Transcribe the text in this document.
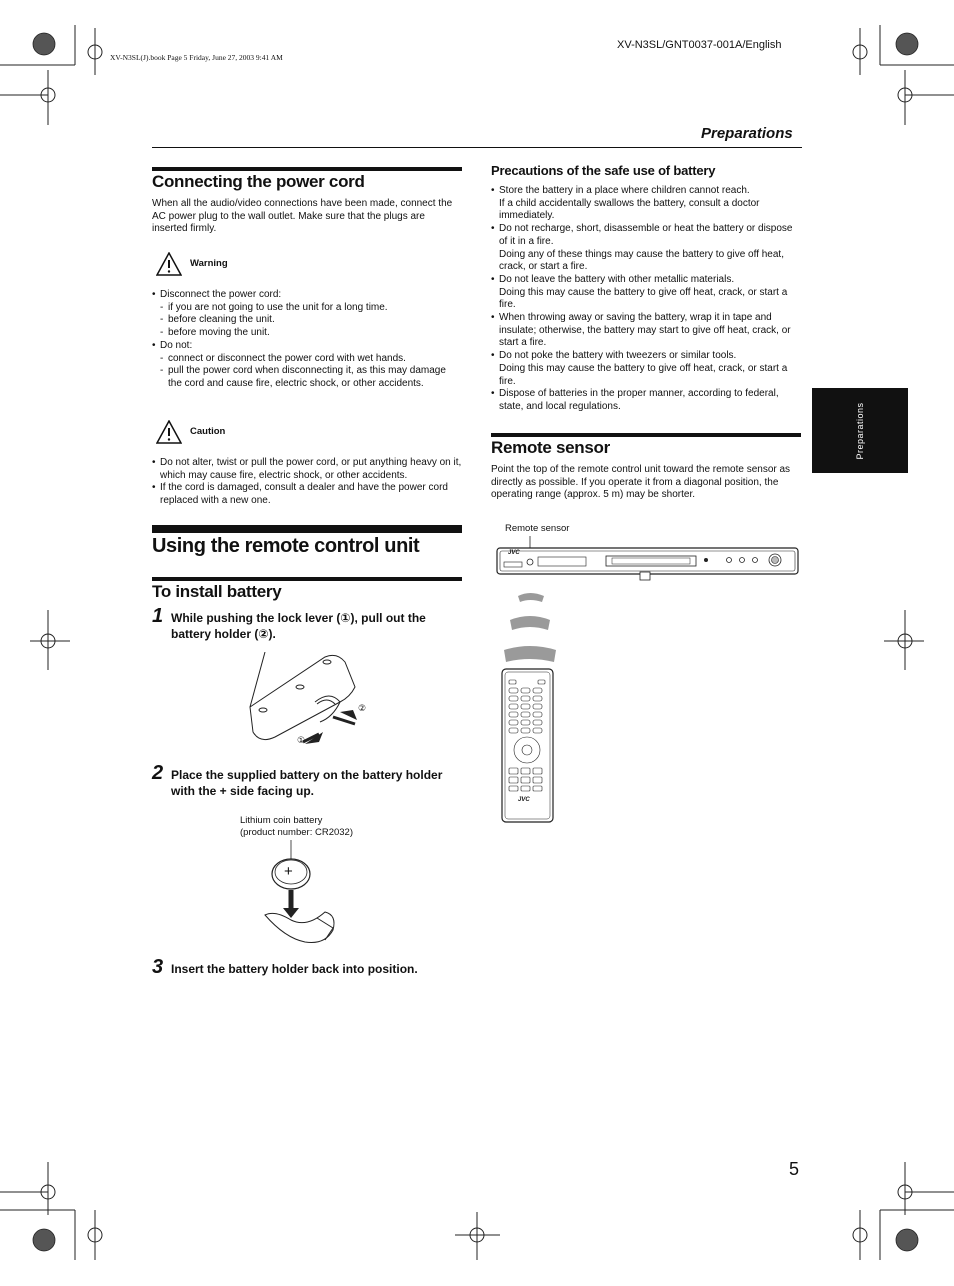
XV-N3SL(J).book Page 5 Friday, June 27, 2003 9:41 AM
XV-N3SL/GNT0037-001A/English
Preparations
Preparations
Connecting the power cord
When all the audio/video connections have been made, connect the AC power plug to the wall outlet. Make sure that the plugs are inserted firmly.
Warning
• Disconnect the power cord:
- if you are not going to use the unit for a long time.
- before cleaning the unit.
- before moving the unit.
• Do not:
- connect or disconnect the power cord with wet hands.
- pull the power cord when disconnecting it, as this may damage the cord and cause fire, electric shock, or other accidents.
Caution
• Do not alter, twist or pull the power cord, or put anything heavy on it, which may cause fire, electric shock, or other accidents.
• If the cord is damaged, consult a dealer and have the power cord replaced with a new one.
Using the remote control unit
To install battery
1 While pushing the lock lever (①), pull out the battery holder (②).
②
①
2 Place the supplied battery on the battery holder with the + side facing up.
Lithium coin battery
(product number: CR2032)
+
3 Insert the battery holder back into position.
Precautions of the safe use of battery
• Store the battery in a place where children cannot reach.
If a child accidentally swallows the battery, consult a doctor immediately.
• Do not recharge, short, disassemble or heat the battery or dispose of it in a fire.
Doing any of these things may cause the battery to give off heat, crack, or start a fire.
• Do not leave the battery with other metallic materials.
Doing this may cause the battery to give off heat, crack, or start a fire.
• When throwing away or saving the battery, wrap it in tape and insulate; otherwise, the battery may start to give off heat, crack, or start a fire.
• Do not poke the battery with tweezers or similar tools.
Doing this may cause the battery to give off heat, crack, or start a fire.
• Dispose of batteries in the proper manner, according to federal, state, and local regulations.
Remote sensor
Point the top of the remote control unit toward the remote sensor as directly as possible. If you operate it from a diagonal position, the operating range (approx. 5 m) may be shorter.
Remote sensor
JVC
JVC
5
